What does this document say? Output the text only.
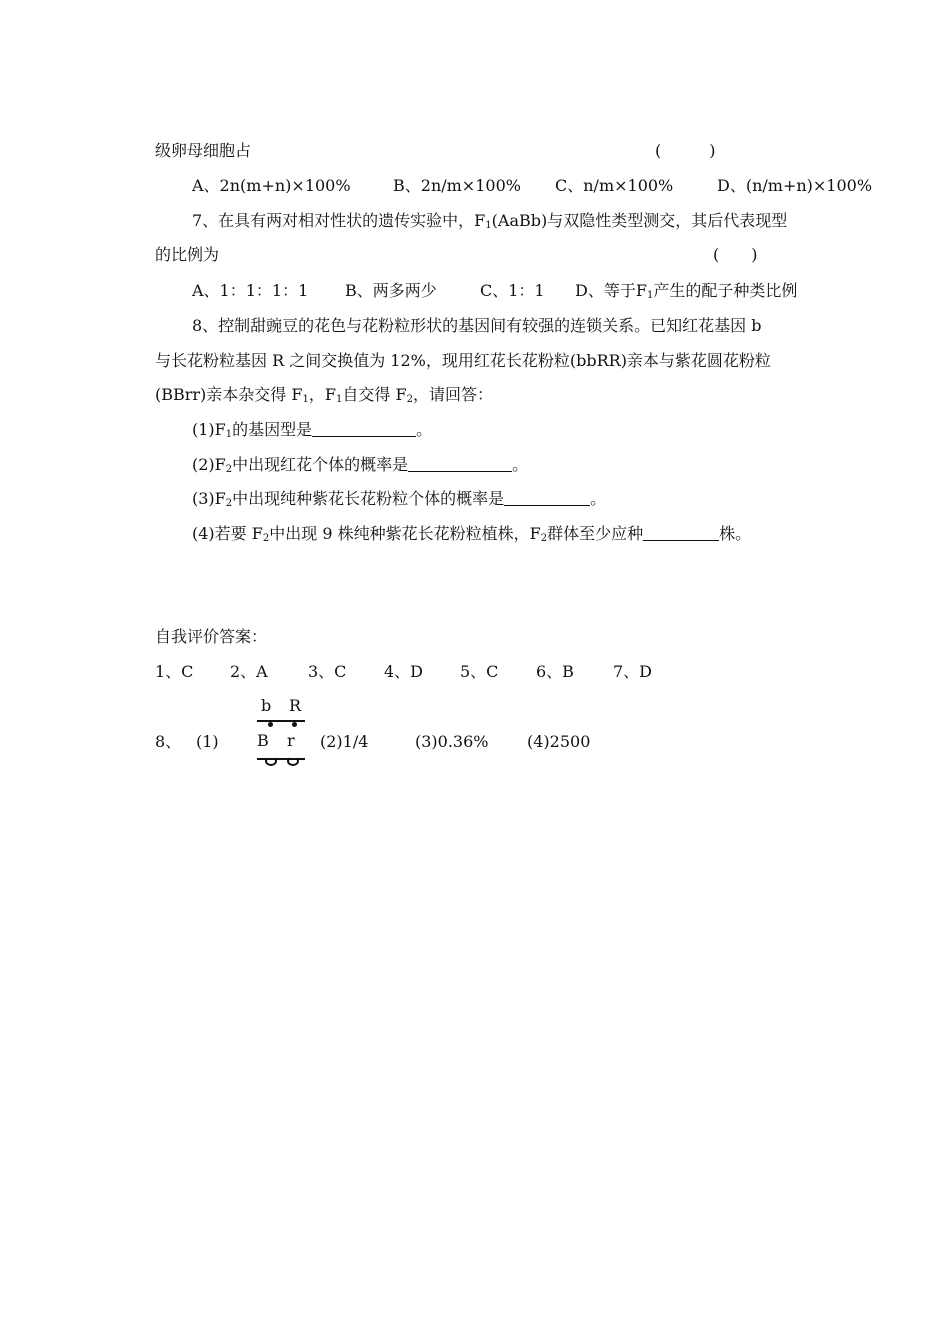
级卵母细胞占	(　　　)
A、2n(m+n)×100%	B、2n/m×100% C、n/m×100%	D、(n/m+n)×100%
7、在具有两对相对性状的遗传实验中，$F_1(AaBb)$与双隐性类型测交，其后代表现型
的比例为	(　　)
A、1：1：1：1 B、两多两少	C、1：1 D、等于$F_1$产生的配子种类比例
8、控制甜豌豆的花色与花粉粒形状的基因间有较强的连锁关系。已知红花基因 b
与长花粉粒基因 R 之间交换值为 12%，现用红花长花粉粒(bbRR)亲本与紫花圆花粉粒
(BBrr)亲本杂交得 $F_1$，$F_1$自交得 $F_2$，请回答：
$(1)F_1$的基因型是	。
$(2)F_2$中出现红花个体的概率是	。
$(3)F_2$中出现纯种紫花长花粉粒个体的概率是	。
(4)若要 $F_2$中出现 9 株纯种紫花长花粉粒植株，$F_2$群体至少应种	株。
自我评价答案：
1、C 2、A	3、C 4、D 5、C 6、B 7、D
8、 (1)
b R
B r (2)1/4	(3)0.36% (4)2500
